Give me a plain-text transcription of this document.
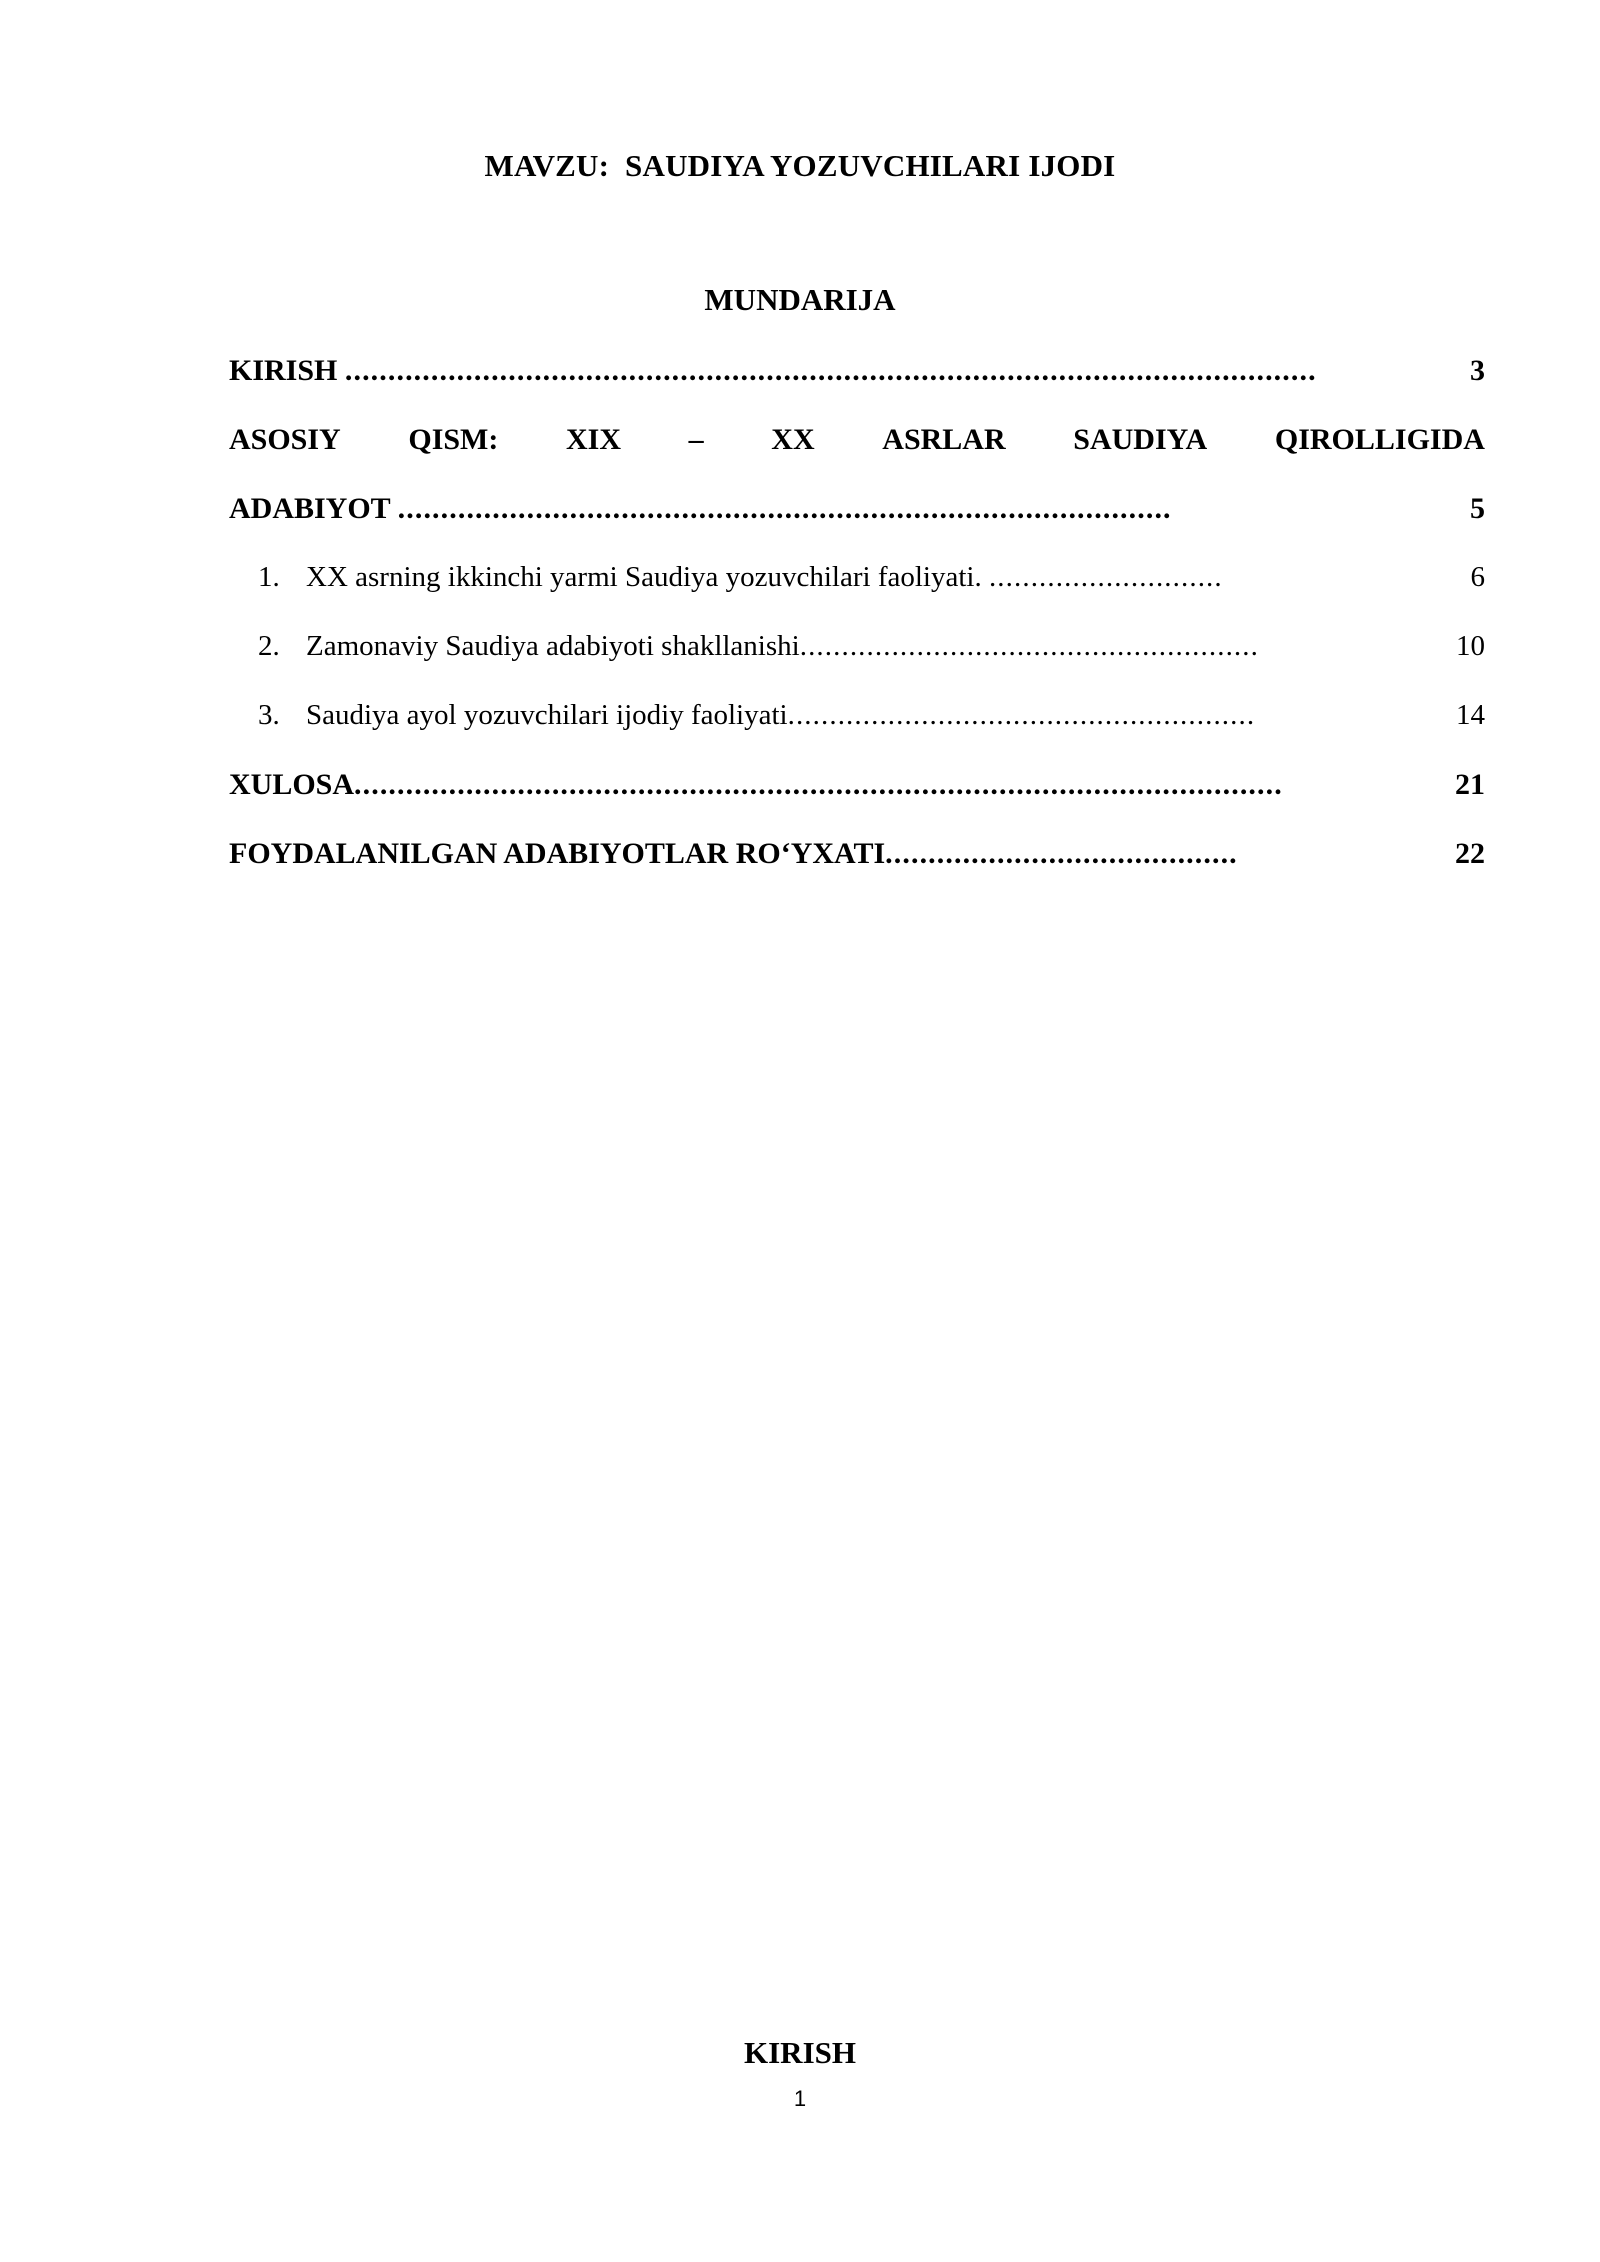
MAVZU:  SAUDIYA YOZUVCHILARI IJODI
MUNDARIJA
KIRISH .................................................................................................................	3
ASOSIY QISM: XIX – XX ASRLAR SAUDIYA QIROLLIGIDA
ADABIYOT ..........................................................................................	5
1. XX asrning ikkinchi yarmi Saudiya yozuvchilari faoliyati. ............................	6
2. Zamonaviy Saudiya adabiyoti shakllanishi .......................................................	10
3. Saudiya ayol yozuvchilari ijodiy faoliyati ........................................................	14
XULOSA ............................................................................................................	21
FOYDALANILGAN ADABIYOTLAR RO‘YXATI .........................................	22
KIRISH
1
